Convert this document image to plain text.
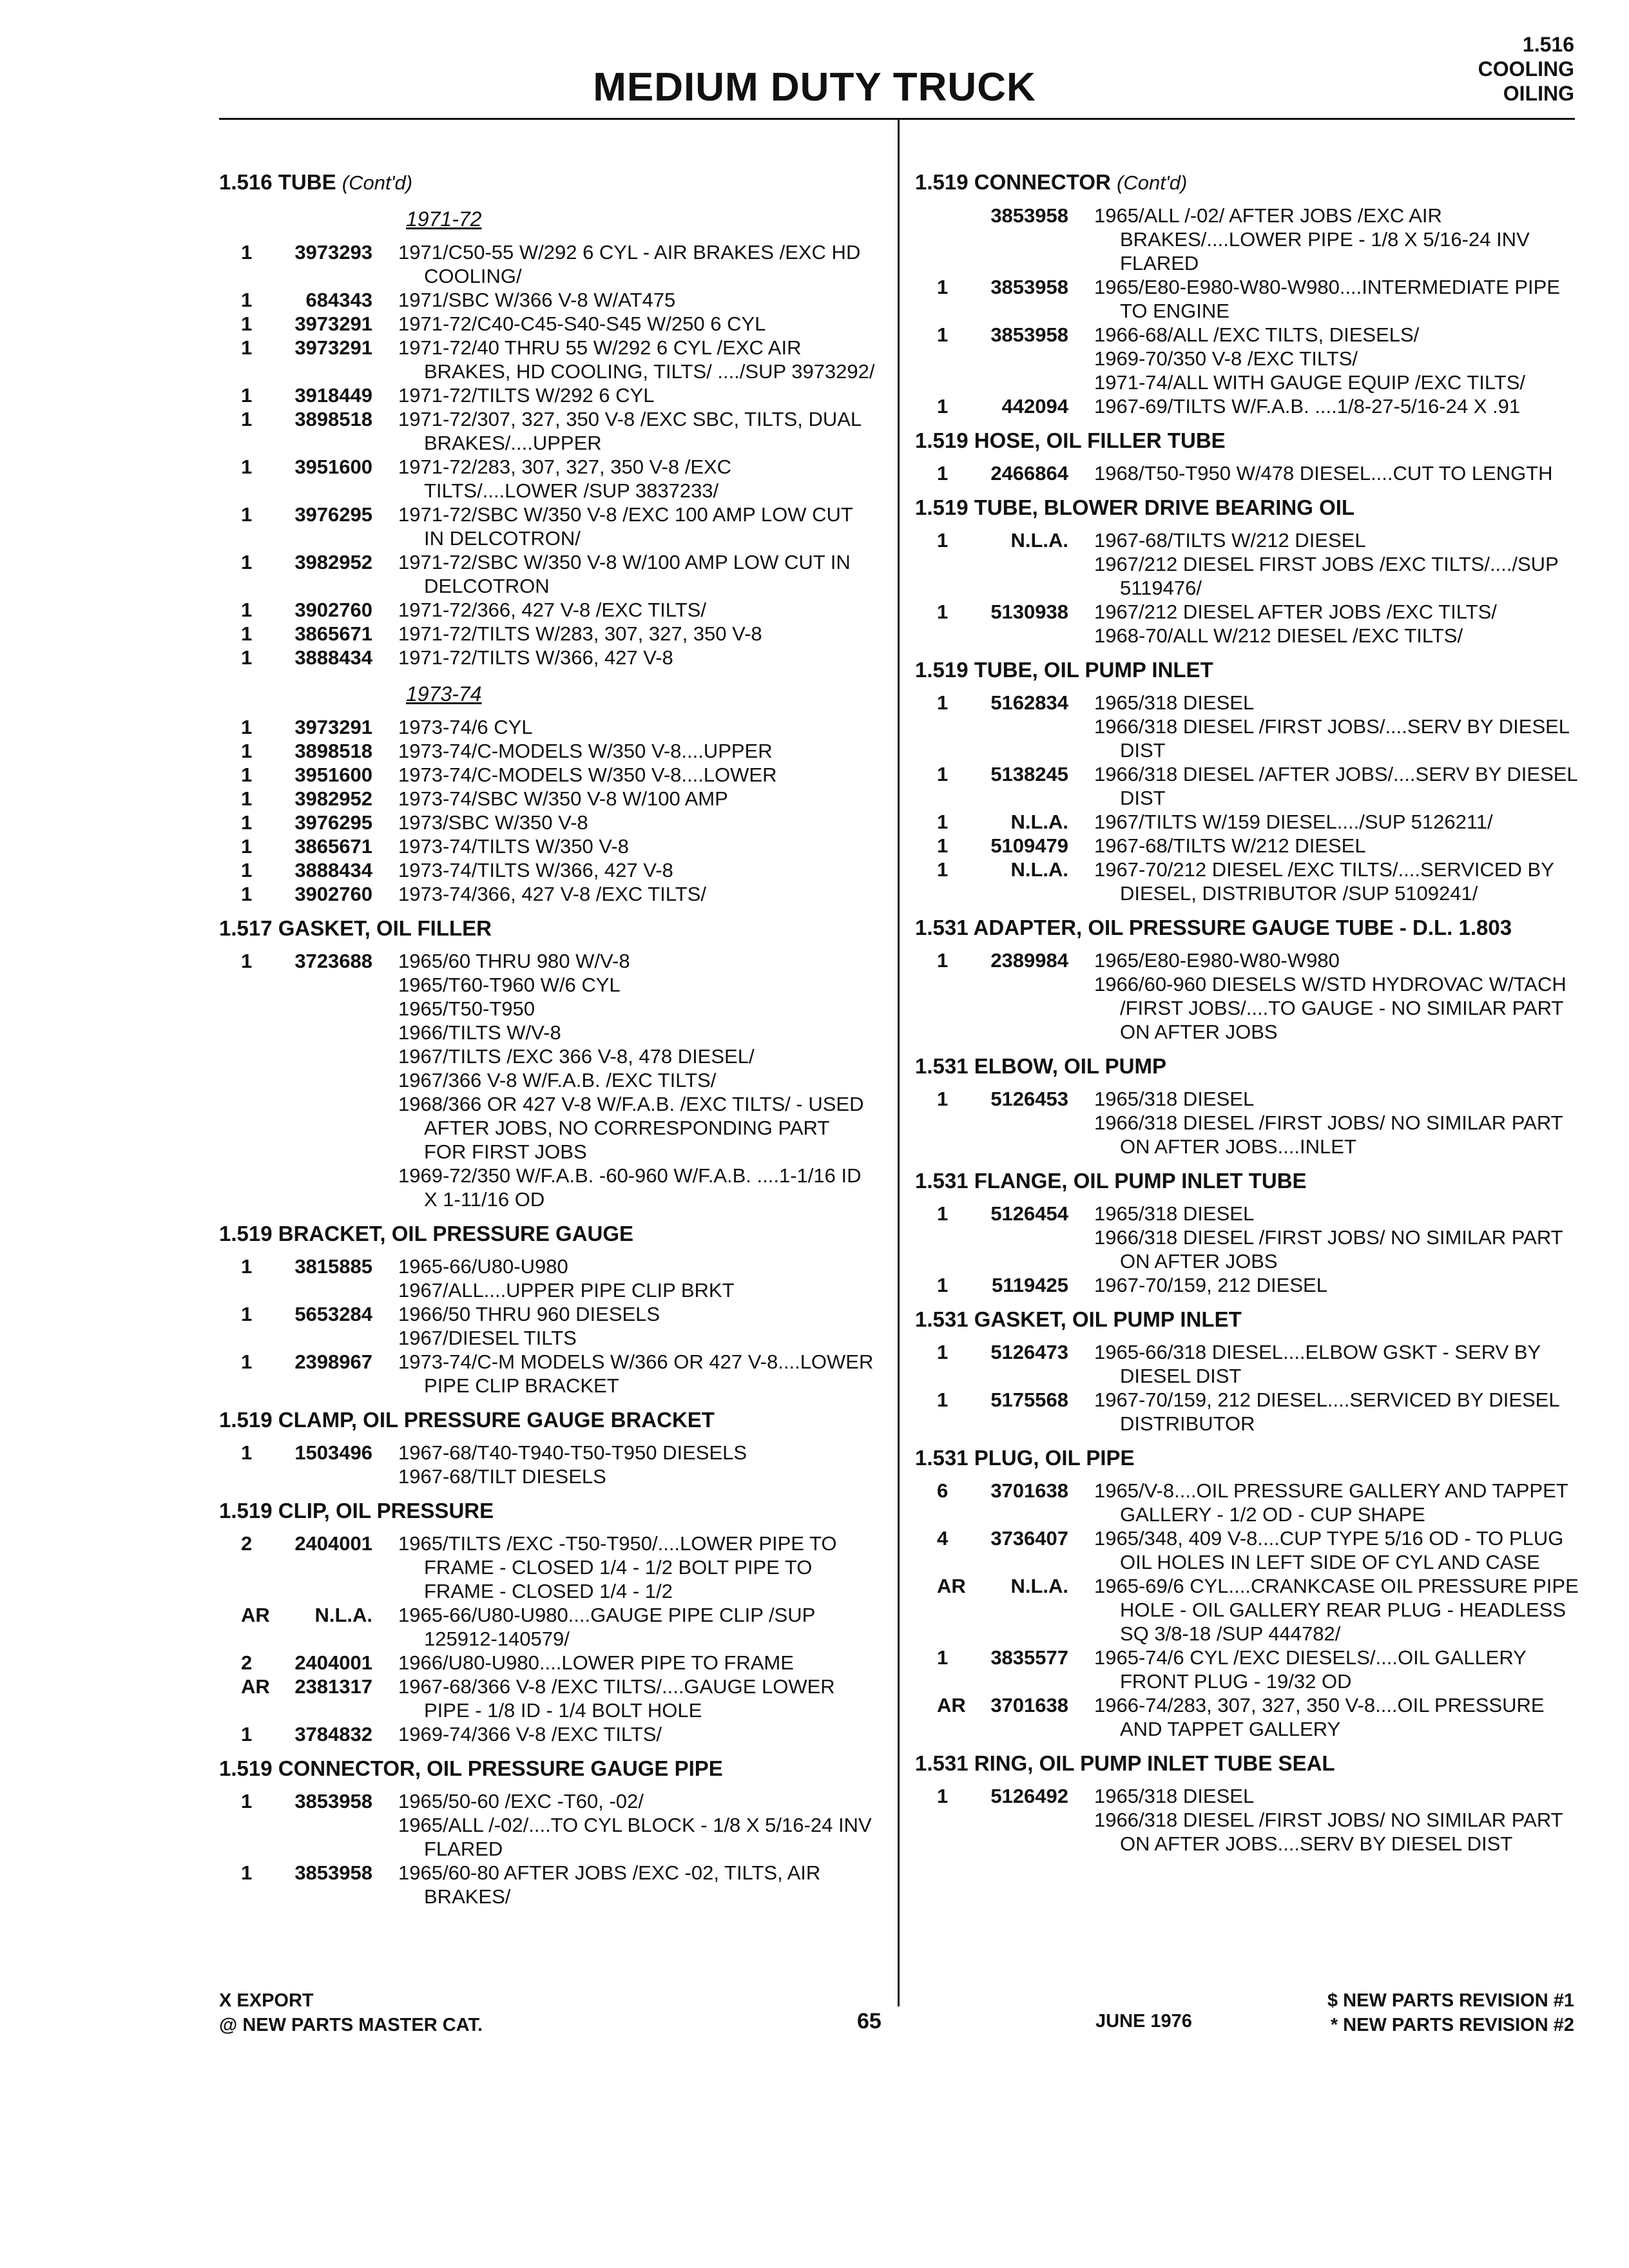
MEDIUM DUTY TRUCK
1.516
COOLING
OILING
1.516 TUBE (Cont'd)
1971-72
1	3973293 1971/C50-55 W/292 6 CYL - AIR BRAKES /EXC HD COOLING/
1	684343 1971/SBC W/366 V-8 W/AT475
1	3973291 1971-72/C40-C45-S40-S45 W/250 6 CYL
1	3973291 1971-72/40 THRU 55 W/292 6 CYL /EXC AIR BRAKES, HD COOLING, TILTS/ ..../SUP 3973292/
1	3918449 1971-72/TILTS W/292 6 CYL
1	3898518 1971-72/307, 327, 350 V-8 /EXC SBC, TILTS, DUAL BRAKES/....UPPER
1	3951600 1971-72/283, 307, 327, 350 V-8 /EXC TILTS/....LOWER /SUP 3837233/
1	3976295 1971-72/SBC W/350 V-8 /EXC 100 AMP LOW CUT IN DELCOTRON/
1	3982952 1971-72/SBC W/350 V-8 W/100 AMP LOW CUT IN DELCOTRON
1	3902760 1971-72/366, 427 V-8 /EXC TILTS/
1	3865671 1971-72/TILTS W/283, 307, 327, 350 V-8
1	3888434 1971-72/TILTS W/366, 427 V-8
1973-74
1	3973291 1973-74/6 CYL
1	3898518 1973-74/C-MODELS W/350 V-8....UPPER
1	3951600 1973-74/C-MODELS W/350 V-8....LOWER
1	3982952 1973-74/SBC W/350 V-8 W/100 AMP
1	3976295 1973/SBC W/350 V-8
1	3865671 1973-74/TILTS W/350 V-8
1	3888434 1973-74/TILTS W/366, 427 V-8
1	3902760 1973-74/366, 427 V-8 /EXC TILTS/
1.517 GASKET, OIL FILLER
1	3723688 1965/60 THRU 980 W/V-8
1965/T60-T960 W/6 CYL
1965/T50-T950
1966/TILTS W/V-8
1967/TILTS /EXC 366 V-8, 478 DIESEL/
1967/366 V-8 W/F.A.B. /EXC TILTS/
1968/366 OR 427 V-8 W/F.A.B. /EXC TILTS/ - USED AFTER JOBS, NO CORRESPONDING PART FOR FIRST JOBS
1969-72/350 W/F.A.B. -60-960 W/F.A.B. ....1-1/16 ID X 1-11/16 OD
1.519 BRACKET, OIL PRESSURE GAUGE
1	3815885 1965-66/U80-U980
1967/ALL....UPPER PIPE CLIP BRKT
1	5653284 1966/50 THRU 960 DIESELS
1967/DIESEL TILTS
1	2398967 1973-74/C-M MODELS W/366 OR 427 V-8....LOWER PIPE CLIP BRACKET
1.519 CLAMP, OIL PRESSURE GAUGE BRACKET
1	1503496 1967-68/T40-T940-T50-T950 DIESELS
1967-68/TILT DIESELS
1.519 CLIP, OIL PRESSURE
2	2404001 1965/TILTS /EXC -T50-T950/....LOWER PIPE TO FRAME - CLOSED 1/4 - 1/2 BOLT PIPE TO FRAME - CLOSED 1/4 - 1/2
AR	N.L.A. 1965-66/U80-U980....GAUGE PIPE CLIP /SUP 125912-140579/
2	2404001 1966/U80-U980....LOWER PIPE TO FRAME
AR	2381317 1967-68/366 V-8 /EXC TILTS/....GAUGE LOWER PIPE - 1/8 ID - 1/4 BOLT HOLE
1	3784832 1969-74/366 V-8 /EXC TILTS/
1.519 CONNECTOR, OIL PRESSURE GAUGE PIPE
1	3853958 1965/50-60 /EXC -T60, -02/
1965/ALL /-02/....TO CYL BLOCK - 1/8 X 5/16-24 INV FLARED
1	3853958 1965/60-80 AFTER JOBS /EXC -02, TILTS, AIR BRAKES/
1.519 CONNECTOR (Cont'd)
3853958 1965/ALL /-02/ AFTER JOBS /EXC AIR BRAKES/....LOWER PIPE - 1/8 X 5/16-24 INV FLARED
1	3853958 1965/E80-E980-W80-W980....INTERMEDIATE PIPE TO ENGINE
1	3853958 1966-68/ALL /EXC TILTS, DIESELS/
1969-70/350 V-8 /EXC TILTS/
1971-74/ALL WITH GAUGE EQUIP /EXC TILTS/
1	442094 1967-69/TILTS W/F.A.B. ....1/8-27-5/16-24 X .91
1.519 HOSE, OIL FILLER TUBE
1	2466864 1968/T50-T950 W/478 DIESEL....CUT TO LENGTH
1.519 TUBE, BLOWER DRIVE BEARING OIL
1	N.L.A. 1967-68/TILTS W/212 DIESEL
1967/212 DIESEL FIRST JOBS /EXC TILTS/..../SUP 5119476/
1	5130938 1967/212 DIESEL AFTER JOBS /EXC TILTS/
1968-70/ALL W/212 DIESEL /EXC TILTS/
1.519 TUBE, OIL PUMP INLET
1	5162834 1965/318 DIESEL
1966/318 DIESEL /FIRST JOBS/....SERV BY DIESEL DIST
1	5138245 1966/318 DIESEL /AFTER JOBS/....SERV BY DIESEL DIST
1	N.L.A. 1967/TILTS W/159 DIESEL..../SUP 5126211/
1	5109479 1967-68/TILTS W/212 DIESEL
1	N.L.A. 1967-70/212 DIESEL /EXC TILTS/....SERVICED BY DIESEL, DISTRIBUTOR /SUP 5109241/
1.531 ADAPTER, OIL PRESSURE GAUGE TUBE - D.L. 1.803
1	2389984 1965/E80-E980-W80-W980
1966/60-960 DIESELS W/STD HYDROVAC W/TACH /FIRST JOBS/....TO GAUGE - NO SIMILAR PART ON AFTER JOBS
1.531 ELBOW, OIL PUMP
1	5126453 1965/318 DIESEL
1966/318 DIESEL /FIRST JOBS/ NO SIMILAR PART ON AFTER JOBS....INLET
1.531 FLANGE, OIL PUMP INLET TUBE
1	5126454 1965/318 DIESEL
1966/318 DIESEL /FIRST JOBS/ NO SIMILAR PART ON AFTER JOBS
1	5119425 1967-70/159, 212 DIESEL
1.531 GASKET, OIL PUMP INLET
1	5126473 1965-66/318 DIESEL....ELBOW GSKT - SERV BY DIESEL DIST
1	5175568 1967-70/159, 212 DIESEL....SERVICED BY DIESEL DISTRIBUTOR
1.531 PLUG, OIL PIPE
6	3701638 1965/V-8....OIL PRESSURE GALLERY AND TAPPET GALLERY - 1/2 OD - CUP SHAPE
4	3736407 1965/348, 409 V-8....CUP TYPE 5/16 OD - TO PLUG OIL HOLES IN LEFT SIDE OF CYL AND CASE
AR	N.L.A. 1965-69/6 CYL....CRANKCASE OIL PRESSURE PIPE HOLE - OIL GALLERY REAR PLUG - HEADLESS SQ 3/8-18 /SUP 444782/
1	3835577 1965-74/6 CYL /EXC DIESELS/....OIL GALLERY FRONT PLUG - 19/32 OD
AR	3701638 1966-74/283, 307, 327, 350 V-8....OIL PRESSURE AND TAPPET GALLERY
1.531 RING, OIL PUMP INLET TUBE SEAL
1	5126492 1965/318 DIESEL
1966/318 DIESEL /FIRST JOBS/ NO SIMILAR PART ON AFTER JOBS....SERV BY DIESEL DIST
X EXPORT
@ NEW PARTS MASTER CAT.	65	JUNE 1976
$ NEW PARTS REVISION #1
* NEW PARTS REVISION #2
